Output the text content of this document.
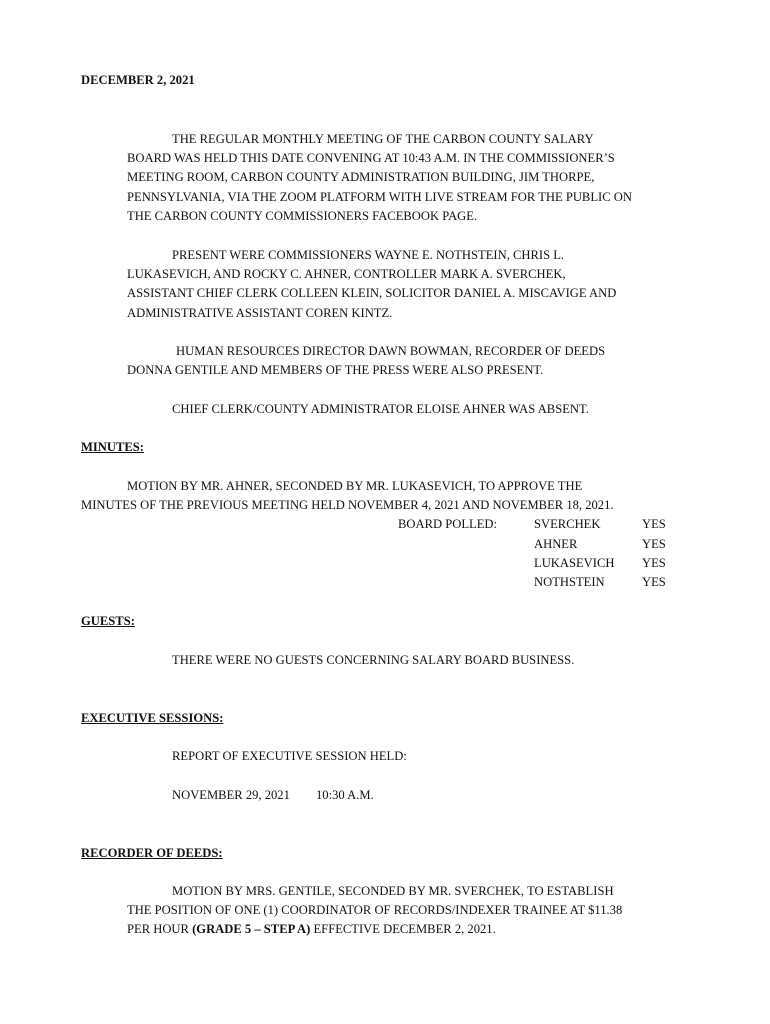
DECEMBER 2, 2021
THE REGULAR MONTHLY MEETING OF THE CARBON COUNTY SALARY
BOARD WAS HELD THIS DATE CONVENING AT 10:43 A.M. IN THE COMMISSIONER’S
MEETING ROOM, CARBON COUNTY ADMINISTRATION BUILDING, JIM THORPE,
PENNSYLVANIA, VIA THE ZOOM PLATFORM WITH LIVE STREAM FOR THE PUBLIC ON
THE CARBON COUNTY COMMISSIONERS FACEBOOK PAGE.
PRESENT WERE COMMISSIONERS WAYNE E. NOTHSTEIN, CHRIS L.
LUKASEVICH, AND ROCKY C. AHNER, CONTROLLER MARK A. SVERCHEK,
ASSISTANT CHIEF CLERK COLLEEN KLEIN, SOLICITOR DANIEL A. MISCAVIGE AND
ADMINISTRATIVE ASSISTANT COREN KINTZ.
HUMAN RESOURCES DIRECTOR DAWN BOWMAN, RECORDER OF DEEDS
DONNA GENTILE AND MEMBERS OF THE PRESS WERE ALSO PRESENT.
CHIEF CLERK/COUNTY ADMINISTRATOR ELOISE AHNER WAS ABSENT.
MINUTES:
MOTION BY MR. AHNER, SECONDED BY MR. LUKASEVICH, TO APPROVE THE
MINUTES OF THE PREVIOUS MEETING HELD NOVEMBER 4, 2021 AND NOVEMBER 18, 2021.
BOARD POLLED:	SVERCHEK	YES
AHNER	YES
LUKASEVICH YES
NOTHSTEIN	YES
GUESTS:
THERE WERE NO GUESTS CONCERNING SALARY BOARD BUSINESS.
EXECUTIVE SESSIONS:
REPORT OF EXECUTIVE SESSION HELD:
NOVEMBER 29, 2021 10:30 A.M.
RECORDER OF DEEDS:
MOTION BY MRS. GENTILE, SECONDED BY MR. SVERCHEK, TO ESTABLISH
THE POSITION OF ONE (1) COORDINATOR OF RECORDS/INDEXER TRAINEE AT $11.38
PER HOUR (GRADE 5 – STEP A) EFFECTIVE DECEMBER 2, 2021.
